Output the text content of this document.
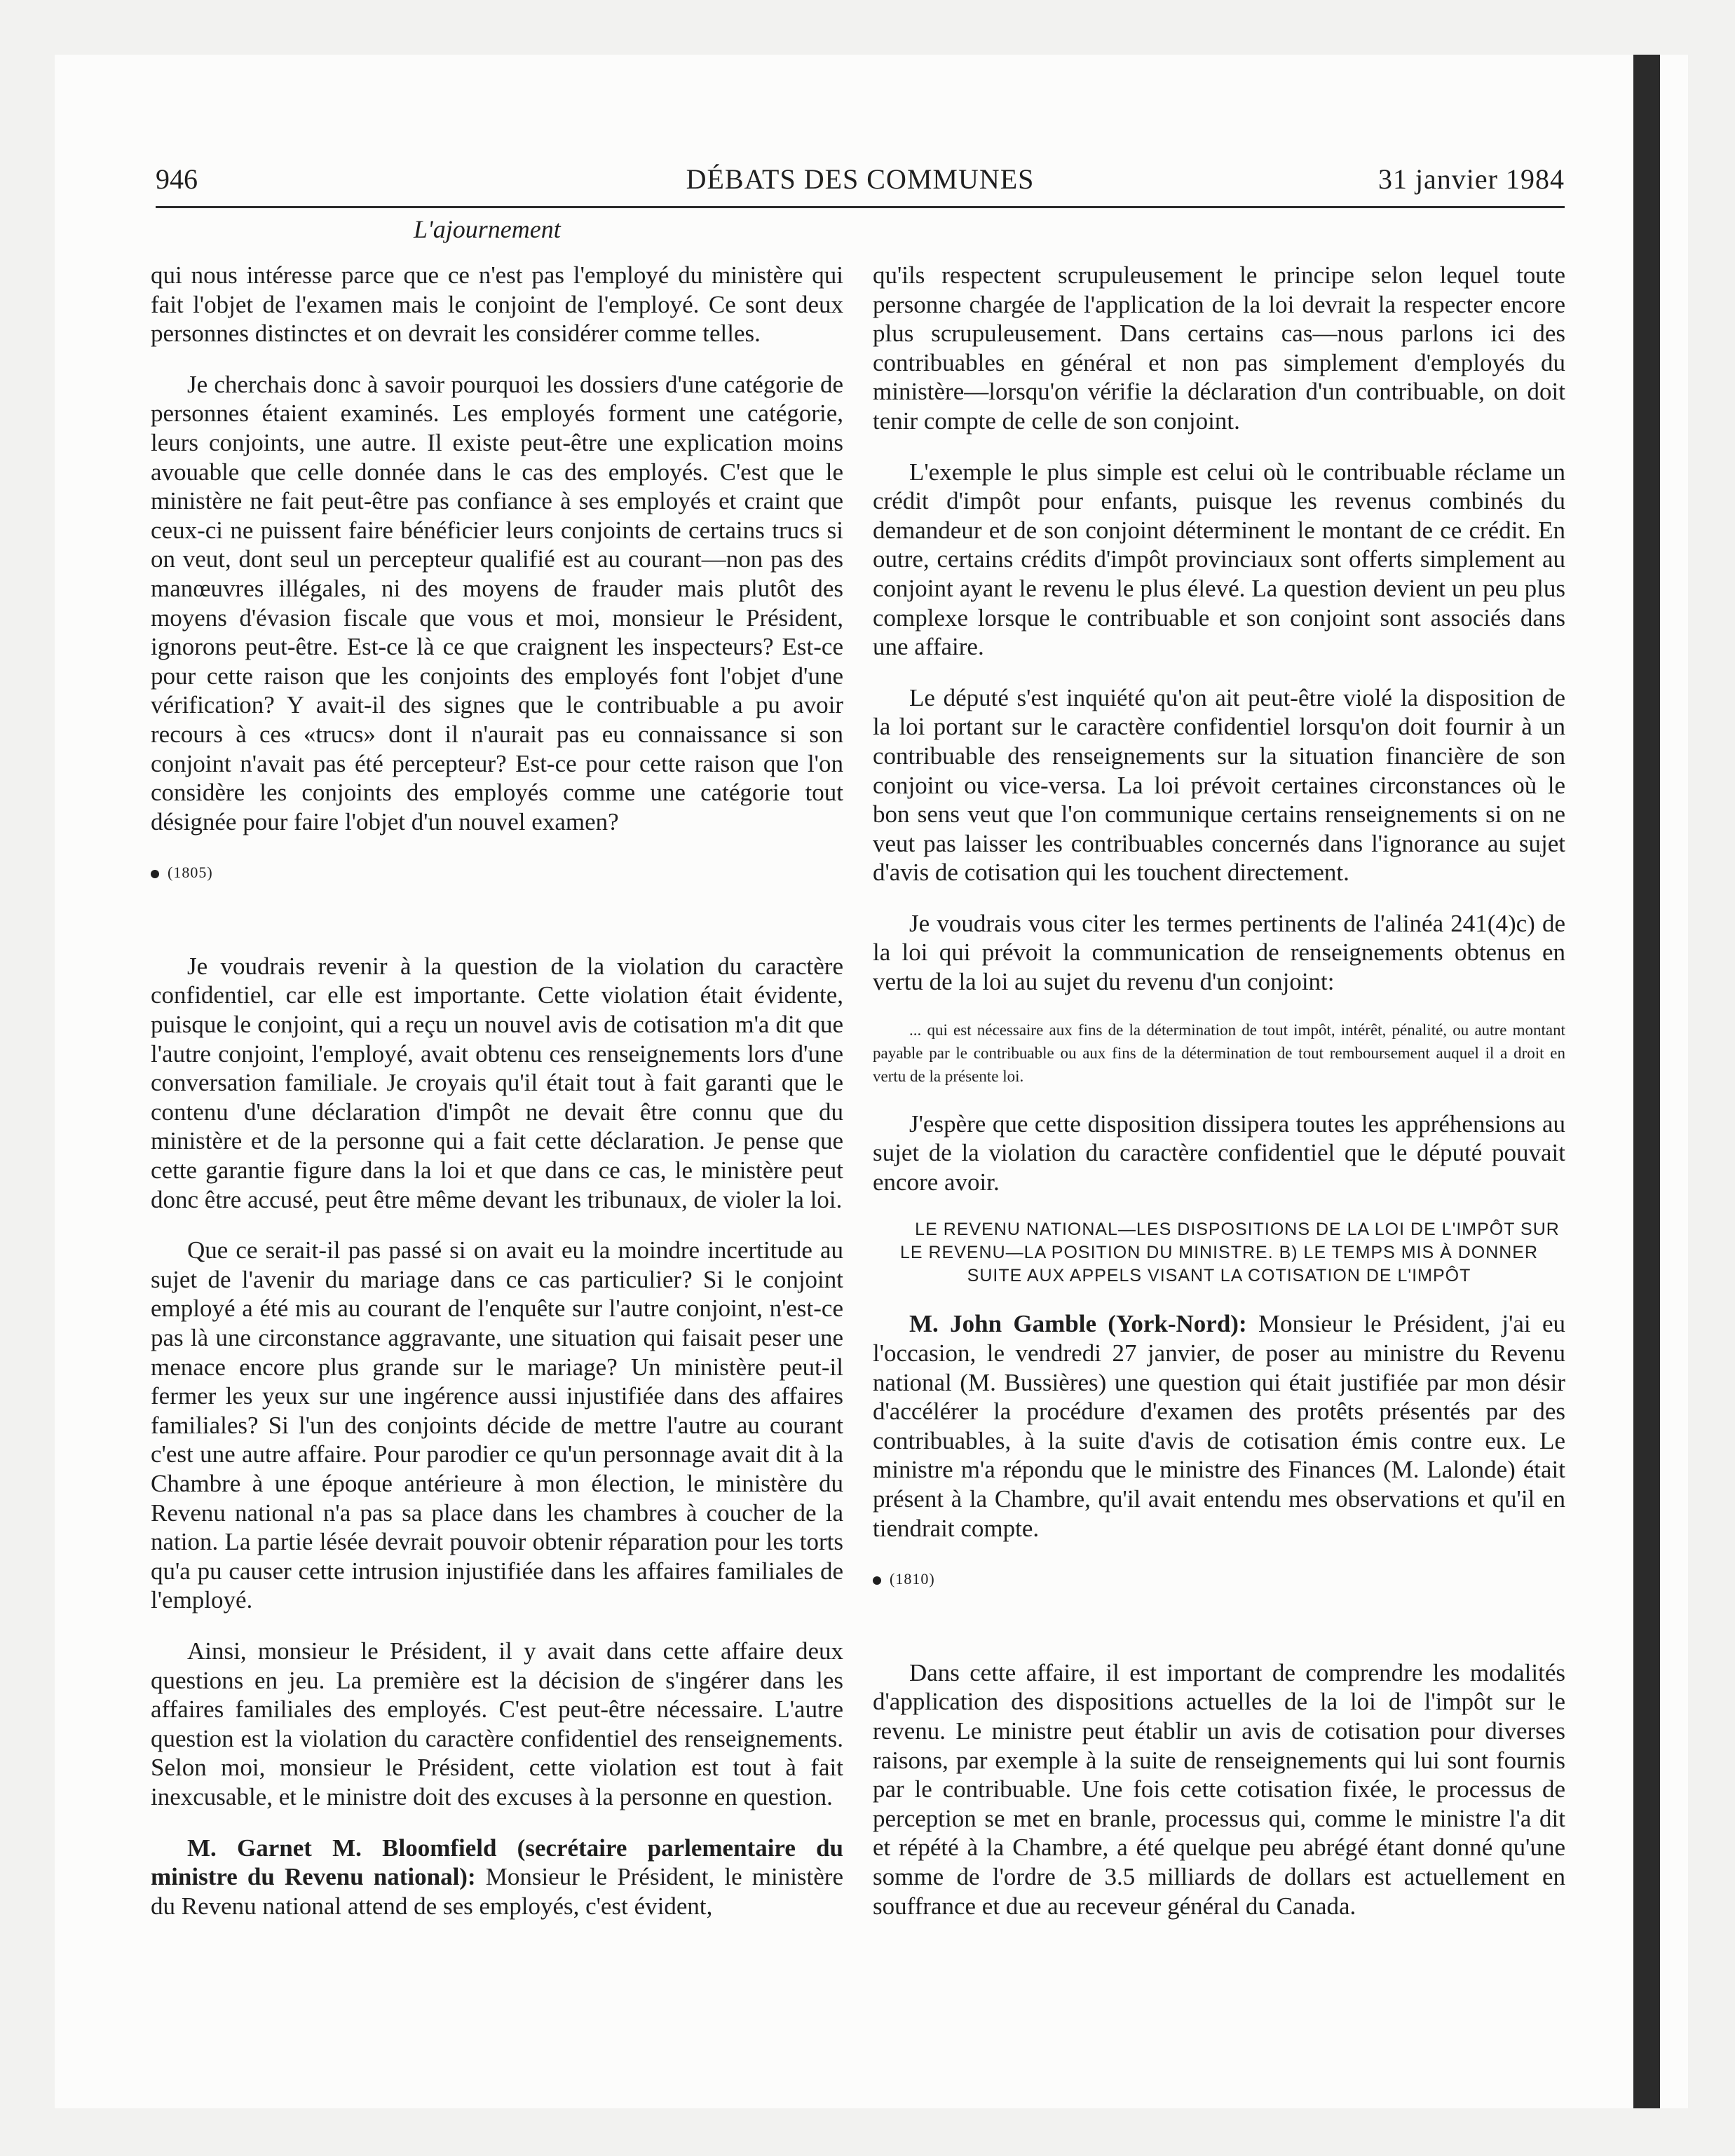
946	DÉBATS DES COMMUNES	31 janvier 1984
L'ajournement

qui nous intéresse parce que ce n'est pas l'employé du ministère qui fait l'objet de l'examen mais le conjoint de l'employé. Ce sont deux personnes distinctes et on devrait les considérer comme telles.

Je cherchais donc à savoir pourquoi les dossiers d'une catégorie de personnes étaient examinés. Les employés forment une catégorie, leurs conjoints, une autre. Il existe peut-être une explication moins avouable que celle donnée dans le cas des employés. C'est que le ministère ne fait peut-être pas confiance à ses employés et craint que ceux-ci ne puissent faire bénéficier leurs conjoints de certains trucs si on veut, dont seul un percepteur qualifié est au courant—non pas des manœuvres illégales, ni des moyens de frauder mais plutôt des moyens d'évasion fiscale que vous et moi, monsieur le Président, ignorons peut-être. Est-ce là ce que craignent les inspecteurs? Est-ce pour cette raison que les conjoints des employés font l'objet d'une vérification? Y avait-il des signes que le contribuable a pu avoir recours à ces «trucs» dont il n'aurait pas eu connaissance si son conjoint n'avait pas été percepteur? Est-ce pour cette raison que l'on considère les conjoints des employés comme une catégorie tout désignée pour faire l'objet d'un nouvel examen?

(1805)

Je voudrais revenir à la question de la violation du caractère confidentiel, car elle est importante. Cette violation était évidente, puisque le conjoint, qui a reçu un nouvel avis de cotisation m'a dit que l'autre conjoint, l'employé, avait obtenu ces renseignements lors d'une conversation familiale. Je croyais qu'il était tout à fait garanti que le contenu d'une déclaration d'impôt ne devait être connu que du ministère et de la personne qui a fait cette déclaration. Je pense que cette garantie figure dans la loi et que dans ce cas, le ministère peut donc être accusé, peut être même devant les tribunaux, de violer la loi.

Que ce serait-il pas passé si on avait eu la moindre incertitude au sujet de l'avenir du mariage dans ce cas particulier? Si le conjoint employé a été mis au courant de l'enquête sur l'autre conjoint, n'est-ce pas là une circonstance aggravante, une situation qui faisait peser une menace encore plus grande sur le mariage? Un ministère peut-il fermer les yeux sur une ingérence aussi injustifiée dans des affaires familiales? Si l'un des conjoints décide de mettre l'autre au courant c'est une autre affaire. Pour parodier ce qu'un personnage avait dit à la Chambre à une époque antérieure à mon élection, le ministère du Revenu national n'a pas sa place dans les chambres à coucher de la nation. La partie lésée devrait pouvoir obtenir réparation pour les torts qu'a pu causer cette intrusion injustifiée dans les affaires familiales de l'employé.

Ainsi, monsieur le Président, il y avait dans cette affaire deux questions en jeu. La première est la décision de s'ingérer dans les affaires familiales des employés. C'est peut-être nécessaire. L'autre question est la violation du caractère confidentiel des renseignements. Selon moi, monsieur le Président, cette violation est tout à fait inexcusable, et le ministre doit des excuses à la personne en question.

M. Garnet M. Bloomfield (secrétaire parlementaire du ministre du Revenu national): Monsieur le Président, le ministère du Revenu national attend de ses employés, c'est évident,

qu'ils respectent scrupuleusement le principe selon lequel toute personne chargée de l'application de la loi devrait la respecter encore plus scrupuleusement. Dans certains cas—nous parlons ici des contribuables en général et non pas simplement d'employés du ministère—lorsqu'on vérifie la déclaration d'un contribuable, on doit tenir compte de celle de son conjoint.

L'exemple le plus simple est celui où le contribuable réclame un crédit d'impôt pour enfants, puisque les revenus combinés du demandeur et de son conjoint déterminent le montant de ce crédit. En outre, certains crédits d'impôt provinciaux sont offerts simplement au conjoint ayant le revenu le plus élevé. La question devient un peu plus complexe lorsque le contribuable et son conjoint sont associés dans une affaire.

Le député s'est inquiété qu'on ait peut-être violé la disposition de la loi portant sur le caractère confidentiel lorsqu'on doit fournir à un contribuable des renseignements sur la situation financière de son conjoint ou vice-versa. La loi prévoit certaines circonstances où le bon sens veut que l'on communique certains renseignements si on ne veut pas laisser les contribuables concernés dans l'ignorance au sujet d'avis de cotisation qui les touchent directement.

Je voudrais vous citer les termes pertinents de l'alinéa 241(4)c) de la loi qui prévoit la communication de renseignements obtenus en vertu de la loi au sujet du revenu d'un conjoint:

... qui est nécessaire aux fins de la détermination de tout impôt, intérêt, pénalité, ou autre montant payable par le contribuable ou aux fins de la détermination de tout remboursement auquel il a droit en vertu de la présente loi.

J'espère que cette disposition dissipera toutes les appréhensions au sujet de la violation du caractère confidentiel que le député pouvait encore avoir.

LE REVENU NATIONAL—LES DISPOSITIONS DE LA LOI DE L'IMPÔT SUR LE REVENU—LA POSITION DU MINISTRE. B) LE TEMPS MIS À DONNER SUITE AUX APPELS VISANT LA COTISATION DE L'IMPÔT

M. John Gamble (York-Nord): Monsieur le Président, j'ai eu l'occasion, le vendredi 27 janvier, de poser au ministre du Revenu national (M. Bussières) une question qui était justifiée par mon désir d'accélérer la procédure d'examen des protêts présentés par des contribuables, à la suite d'avis de cotisation émis contre eux. Le ministre m'a répondu que le ministre des Finances (M. Lalonde) était présent à la Chambre, qu'il avait entendu mes observations et qu'il en tiendrait compte.

(1810)

Dans cette affaire, il est important de comprendre les modalités d'application des dispositions actuelles de la loi de l'impôt sur le revenu. Le ministre peut établir un avis de cotisation pour diverses raisons, par exemple à la suite de renseignements qui lui sont fournis par le contribuable. Une fois cette cotisation fixée, le processus de perception se met en branle, processus qui, comme le ministre l'a dit et répété à la Chambre, a été quelque peu abrégé étant donné qu'une somme de l'ordre de 3.5 milliards de dollars est actuellement en souffrance et due au receveur général du Canada.
